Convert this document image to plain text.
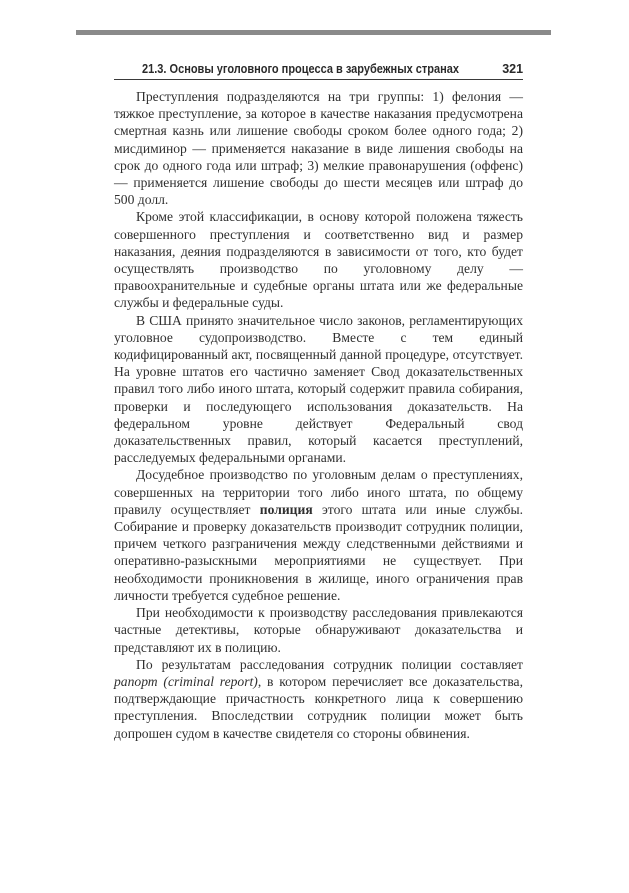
21.3. Основы уголовного процесса в зарубежных странах	321

Преступления подразделяются на три группы: 1) фелония — тяжкое преступление, за которое в качестве наказания предусмотрена смертная казнь или лишение свободы сроком более одного года; 2) мисдиминор — применяется наказание в виде лишения свободы на срок до одного года или штраф; 3) мелкие правонарушения (оффенс) — применяется лишение свободы до шести месяцев или штраф до 500 долл.

Кроме этой классификации, в основу которой положена тяжесть совершенного преступления и соответственно вид и размер наказания, деяния подразделяются в зависимости от того, кто будет осуществлять производство по уголовному делу — правоохранительные и судебные органы штата или же федеральные службы и федеральные суды.

В США принято значительное число законов, регламентирующих уголовное судопроизводство. Вместе с тем единый кодифицированный акт, посвященный данной процедуре, отсутствует. На уровне штатов его частично заменяет Свод доказательственных правил того либо иного штата, который содержит правила собирания, проверки и последующего использования доказательств. На федеральном уровне действует Федеральный свод доказательственных правил, который касается преступлений, расследуемых федеральными органами.

Досудебное производство по уголовным делам о преступлениях, совершенных на территории того либо иного штата, по общему правилу осуществляет полиция этого штата или иные службы. Собирание и проверку доказательств производит сотрудник полиции, причем четкого разграничения между следственными действиями и оперативно-разыскными мероприятиями не существует. При необходимости проникновения в жилище, иного ограничения прав личности требуется судебное решение.

При необходимости к производству расследования привлекаются частные детективы, которые обнаруживают доказательства и представляют их в полицию.

По результатам расследования сотрудник полиции составляет рапорт (criminal report), в котором перечисляет все доказательства, подтверждающие причастность конкретного лица к совершению преступления. Впоследствии сотрудник полиции может быть допрошен судом в качестве свидетеля со стороны обвинения.
